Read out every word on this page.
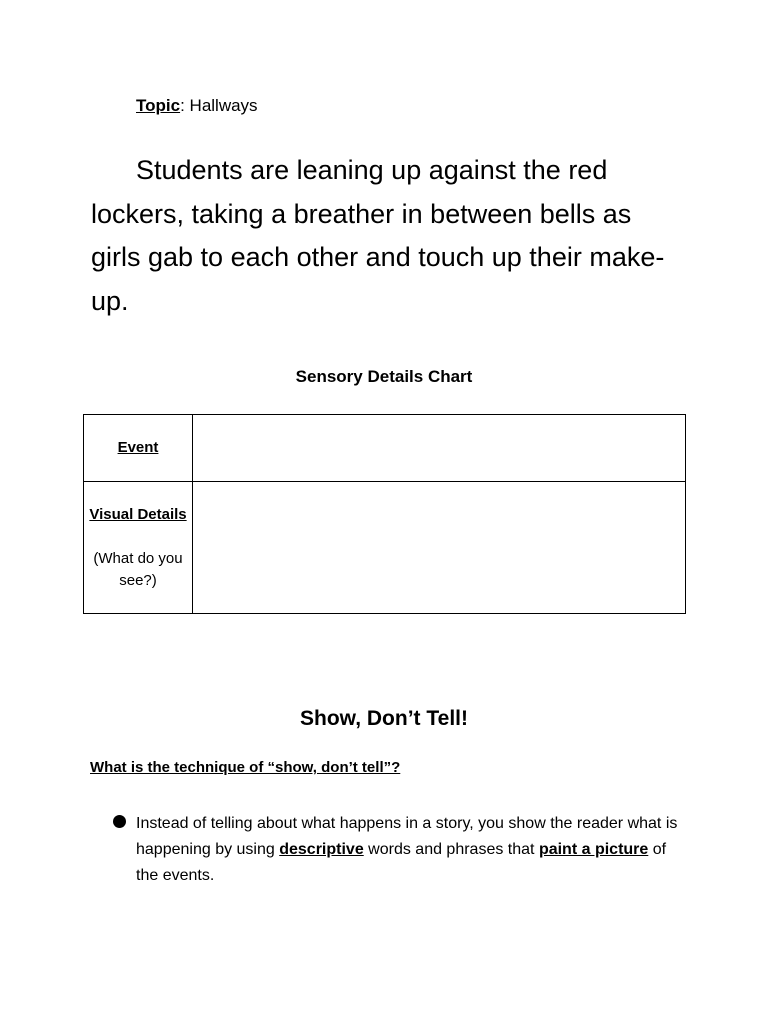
Topic: Hallways
Students are leaning up against the red lockers, taking a breather in between bells as girls gab to each other and touch up their make-up.
Sensory Details Chart
Event	

Visual Details
(What do you see?)	

Show, Don’t Tell!
What is the technique of “show, don’t tell”?
Instead of telling about what happens in a story, you show the reader what is happening by using descriptive words and phrases that paint a picture of the events.
